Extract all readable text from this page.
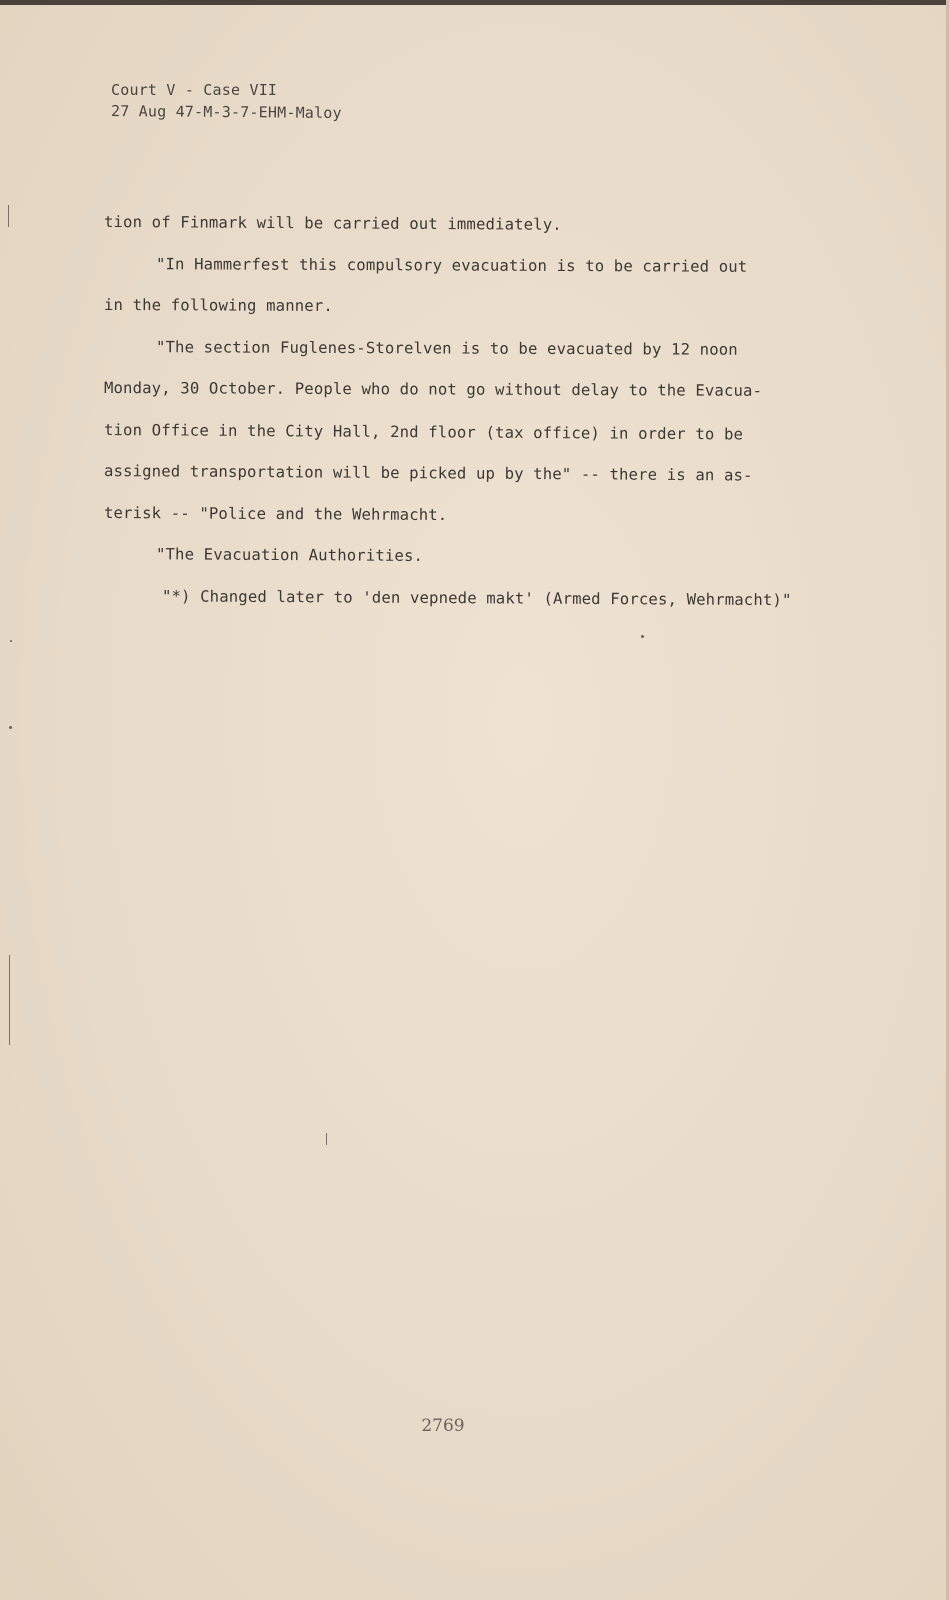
Court V - Case VII
27 Aug 47-M-3-7-EHM-Maloy
tion of Finmark will be carried out immediately.
"In Hammerfest this compulsory evacuation is to be carried out
in the following manner.
"The section Fuglenes-Storelven is to be evacuated by 12 noon
Monday, 30 October. People who do not go without delay to the Evacua-
tion Office in the City Hall, 2nd floor (tax office) in order to be
assigned transportation will be picked up by the" -- there is an as-
terisk -- "Police and the Wehrmacht.
"The Evacuation Authorities.
"*) Changed later to 'den vepnede makt' (Armed Forces, Wehrmacht)"
2769
